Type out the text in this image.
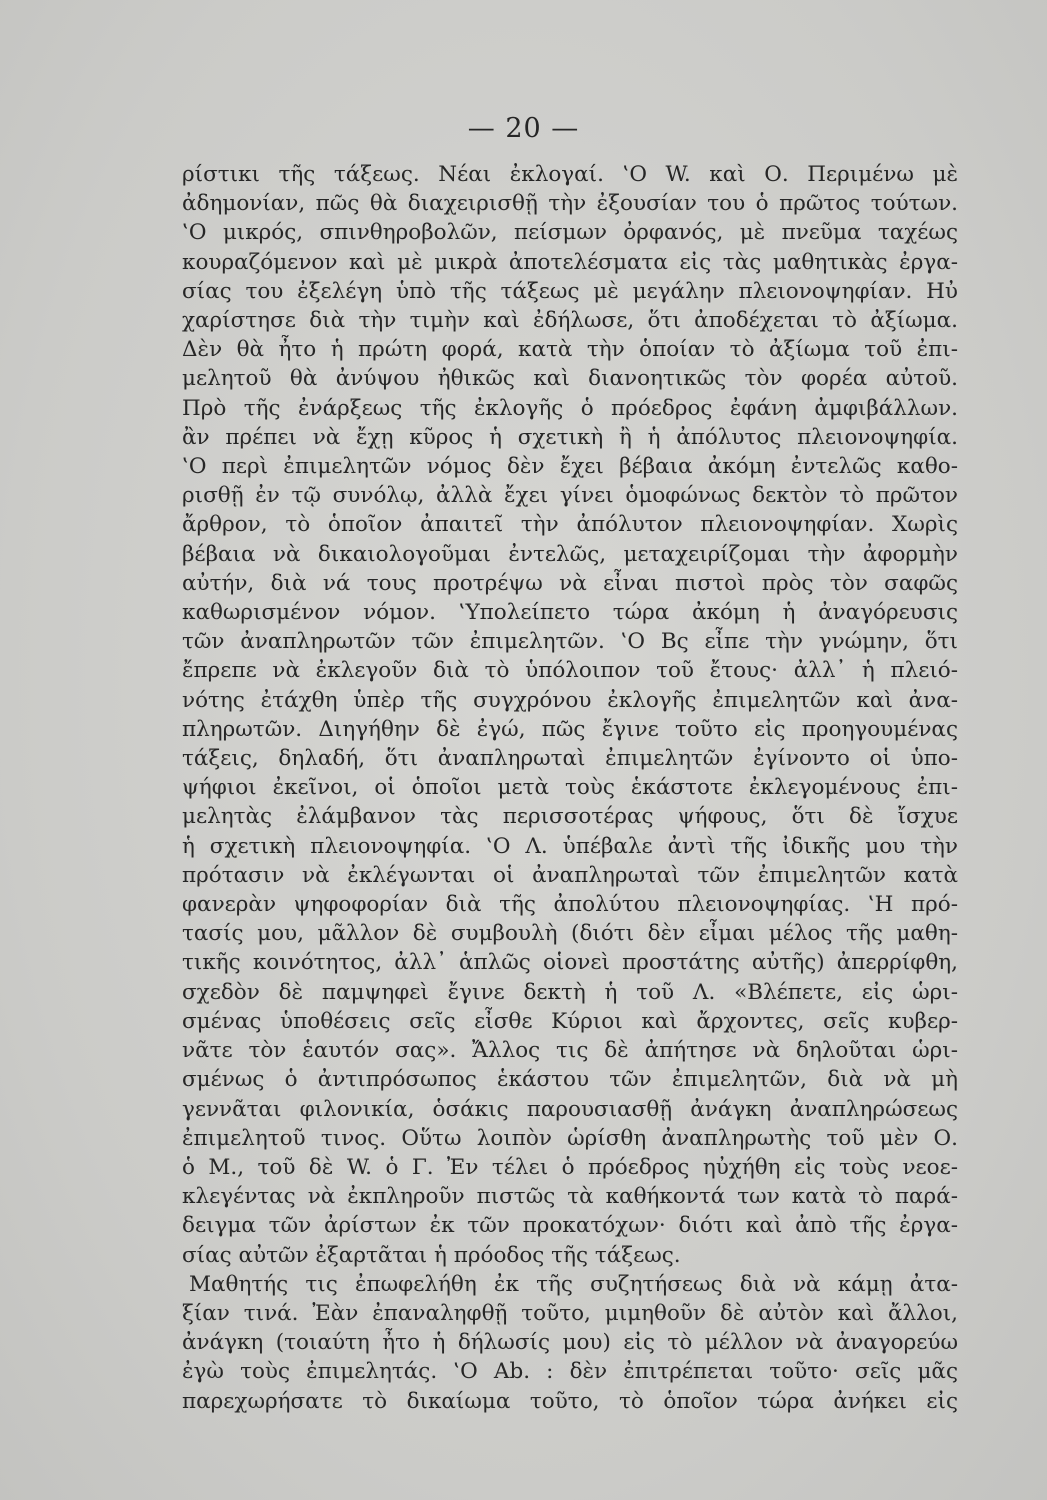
— 20 —
ρίστικι τῆς τάξεως. Νέαι ἐκλογαί. ‛Ο W. καὶ Ο. Περιμένω μὲ
ἀδημονίαν, πῶς θὰ διαχειρισθῇ τὴν ἐξουσίαν του ὁ πρῶτος τούτων.
‛Ο μικρός, σπινθηροβολῶν, πείσμων ὀρφανός, μὲ πνεῦμα ταχέως
κουραζόμενον καὶ μὲ μικρὰ ἀποτελέσματα εἰς τὰς μαθητικὰς ἐργα-
σίας του ἐξελέγη ὑπὸ τῆς τάξεως μὲ μεγάλην πλειονοψηφίαν. Ηὐ
χαρίστησε διὰ τὴν τιμὴν καὶ ἐδήλωσε, ὅτι ἀποδέχεται τὸ ἀξίωμα.
Δὲν θὰ ἦτο ἡ πρώτη φορά, κατὰ τὴν ὁποίαν τὸ ἀξίωμα τοῦ ἐπι-
μελητοῦ θὰ ἀνύψου ἠθικῶς καὶ διανοητικῶς τὸν φορέα αὐτοῦ.
Πρὸ τῆς ἐνάρξεως τῆς ἐκλογῆς ὁ πρόεδρος ἐφάνη ἀμφιβάλλων.
ἂν πρέπει νὰ ἔχῃ κῦρος ἡ σχετικὴ ἢ ἡ ἀπόλυτος πλειονοψηφία.
‛Ο περὶ ἐπιμελητῶν νόμος δὲν ἔχει βέβαια ἀκόμη ἐντελῶς καθο-
ρισθῇ ἐν τῷ συνόλῳ, ἀλλὰ ἔχει γίνει ὁμοφώνως δεκτὸν τὸ πρῶτον
ἄρθρον, τὸ ὁποῖον ἀπαιτεῖ τὴν ἀπόλυτον πλειονοψηφίαν. Χωρὶς
βέβαια νὰ δικαιολογοῦμαι ἐντελῶς, μεταχειρίζομαι τὴν ἀφορμὴν
αὐτήν, διὰ νά τους προτρέψω νὰ εἶναι πιστοὶ πρὸς τὸν σαφῶς
καθωρισμένον νόμον. ‛Υπολείπετο τώρα ἀκόμη ἡ ἀναγόρευσις
τῶν ἀναπληρωτῶν τῶν ἐπιμελητῶν. ‛Ο Βς εἶπε τὴν γνώμην, ὅτι
ἔπρεπε νὰ ἐκλεγοῦν διὰ τὸ ὑπόλοιπον τοῦ ἔτους· ἀλλ᾿ ἡ πλειό-
νότης ἐτάχθη ὑπὲρ τῆς συγχρόνου ἐκλογῆς ἐπιμελητῶν καὶ ἀνα-
πληρωτῶν. Διηγήθην δὲ ἐγώ, πῶς ἔγινε τοῦτο εἰς προηγουμένας
τάξεις, δηλαδή, ὅτι ἀναπληρωταὶ ἐπιμελητῶν ἐγίνοντο οἱ ὑπο-
ψήφιοι ἐκεῖνοι, οἱ ὁποῖοι μετὰ τοὺς ἑκάστοτε ἐκλεγομένους ἐπι-
μελητὰς ἐλάμβανον τὰς περισσοτέρας ψήφους, ὅτι δὲ ἴσχυε
ἡ σχετικὴ πλειονοψηφία. ‛Ο Λ. ὑπέβαλε ἀντὶ τῆς ἰδικῆς μου τὴν
πρότασιν νὰ ἐκλέγωνται οἱ ἀναπληρωταὶ τῶν ἐπιμελητῶν κατὰ
φανερὰν ψηφοφορίαν διὰ τῆς ἀπολύτου πλειονοψηφίας. ‛Η πρό-
τασίς μου, μᾶλλον δὲ συμβουλὴ (διότι δὲν εἶμαι μέλος τῆς μαθη-
τικῆς κοινότητος, ἀλλ᾿ ἁπλῶς οἱονεὶ προστάτης αὐτῆς) ἀπερρίφθη,
σχεδὸν δὲ παμψηφεὶ ἔγινε δεκτὴ ἡ τοῦ Λ. «Βλέπετε, εἰς ὡρι-
σμένας ὑποθέσεις σεῖς εἶσθε Κύριοι καὶ ἄρχοντες, σεῖς κυβερ-
νᾶτε τὸν ἑαυτόν σας». Ἄλλος τις δὲ ἀπήτησε νὰ δηλοῦται ὡρι-
σμένως ὁ ἀντιπρόσωπος ἑκάστου τῶν ἐπιμελητῶν, διὰ νὰ μὴ
γεννᾶται φιλονικία, ὁσάκις παρουσιασθῇ ἀνάγκη ἀναπληρώσεως
ἐπιμελητοῦ τινος. Οὕτω λοιπὸν ὡρίσθη ἀναπληρωτὴς τοῦ μὲν Ο.
ὁ Μ., τοῦ δὲ W. ὁ Γ. Ἐν τέλει ὁ πρόεδρος ηὐχήθη εἰς τοὺς νεοε-
κλεγέντας νὰ ἐκπληροῦν πιστῶς τὰ καθήκοντά των κατὰ τὸ παρά-
δειγμα τῶν ἀρίστων ἐκ τῶν προκατόχων· διότι καὶ ἀπὸ τῆς ἐργα-
σίας αὐτῶν ἐξαρτᾶται ἡ πρόοδος τῆς τάξεως.
Μαθητής τις ἐπωφελήθη ἐκ τῆς συζητήσεως διὰ νὰ κάμῃ ἀτα-
ξίαν τινά. Ἐὰν ἐπαναληφθῇ τοῦτο, μιμηθοῦν δὲ αὐτὸν καὶ ἄλλοι,
ἀνάγκη (τοιαύτη ἦτο ἡ δήλωσίς μου) εἰς τὸ μέλλον νὰ ἀναγορεύω
ἐγὼ τοὺς ἐπιμελητάς. ‛Ο Ab. : δὲν ἐπιτρέπεται τοῦτο· σεῖς μᾶς
παρεχωρήσατε τὸ δικαίωμα τοῦτο, τὸ ὁποῖον τώρα ἀνήκει εἰς
